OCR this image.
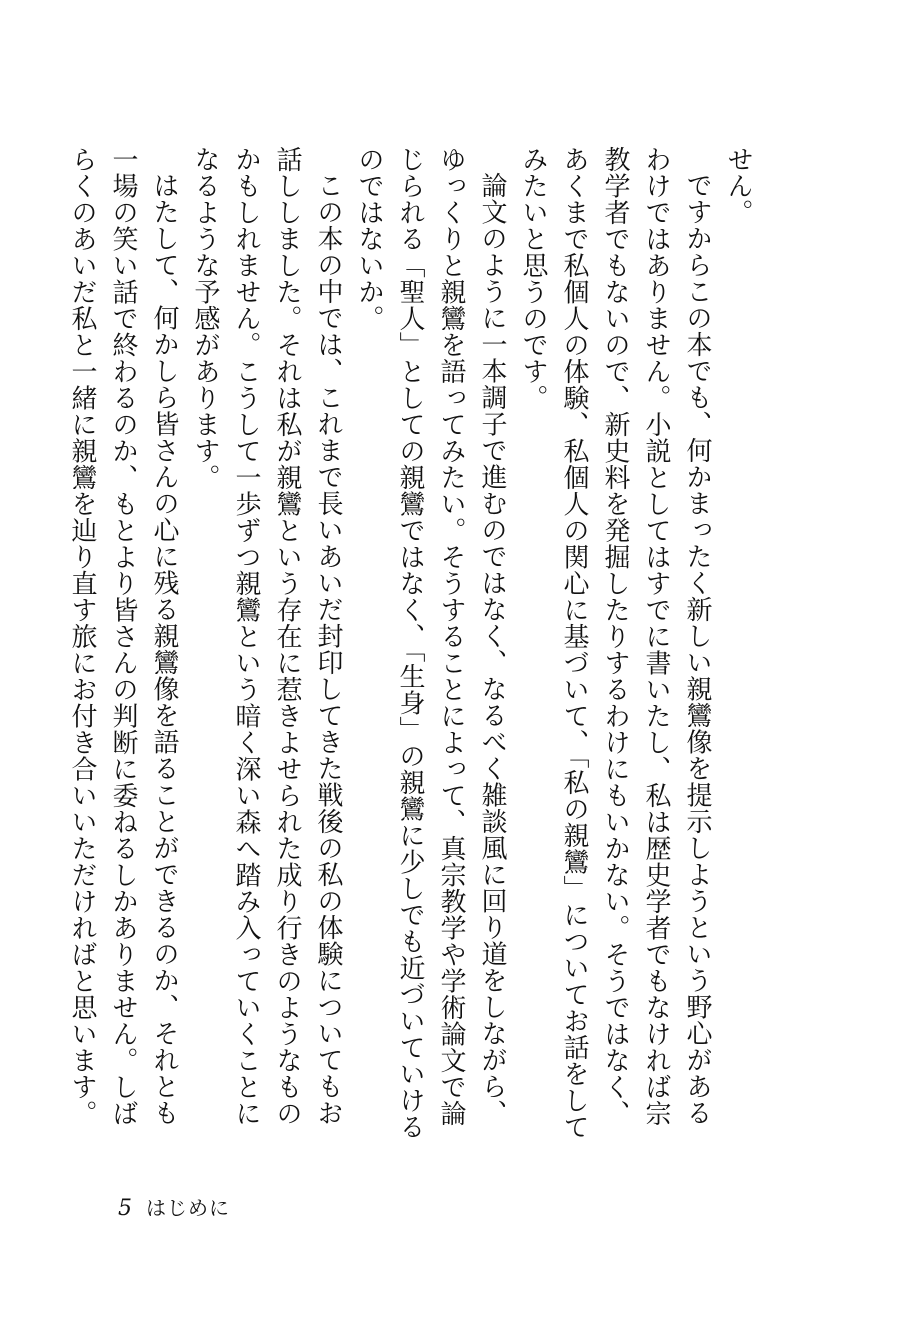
せん。

ですからこの本でも、何かまったく新しい親鸞像を提示しようという野心があるわけではありません。小説としてはすでに書いたし、私は歴史学者でもなければ宗教学者でもないので、新史料を発掘したりするわけにもいかない。そうではなく、あくまで私個人の体験、私個人の関心に基づいて、「私の親鸞」についてお話をしてみたいと思うのです。

論文のように一本調子で進むのではなく、なるべく雑談風に回り道をしながら、ゆっくりと親鸞を語ってみたい。そうすることによって、真宗教学や学術論文で論じられる「聖人」としての親鸞ではなく、「生身」の親鸞に少しでも近づいていけるのではないか。

この本の中では、これまで長いあいだ封印してきた戦後の私の体験についてもお話ししました。それは私が親鸞という存在に惹きよせられた成り行きのようなものかもしれません。こうして一歩ずつ親鸞という暗く深い森へ踏み入っていくことになるような予感があります。

はたして、何かしら皆さんの心に残る親鸞像を語ることができるのか、それとも一場の笑い話で終わるのか、もとより皆さんの判断に委ねるしかありません。しばらくのあいだ私と一緒に親鸞を辿り直す旅にお付き合いいただければと思います。

5 はじめに
